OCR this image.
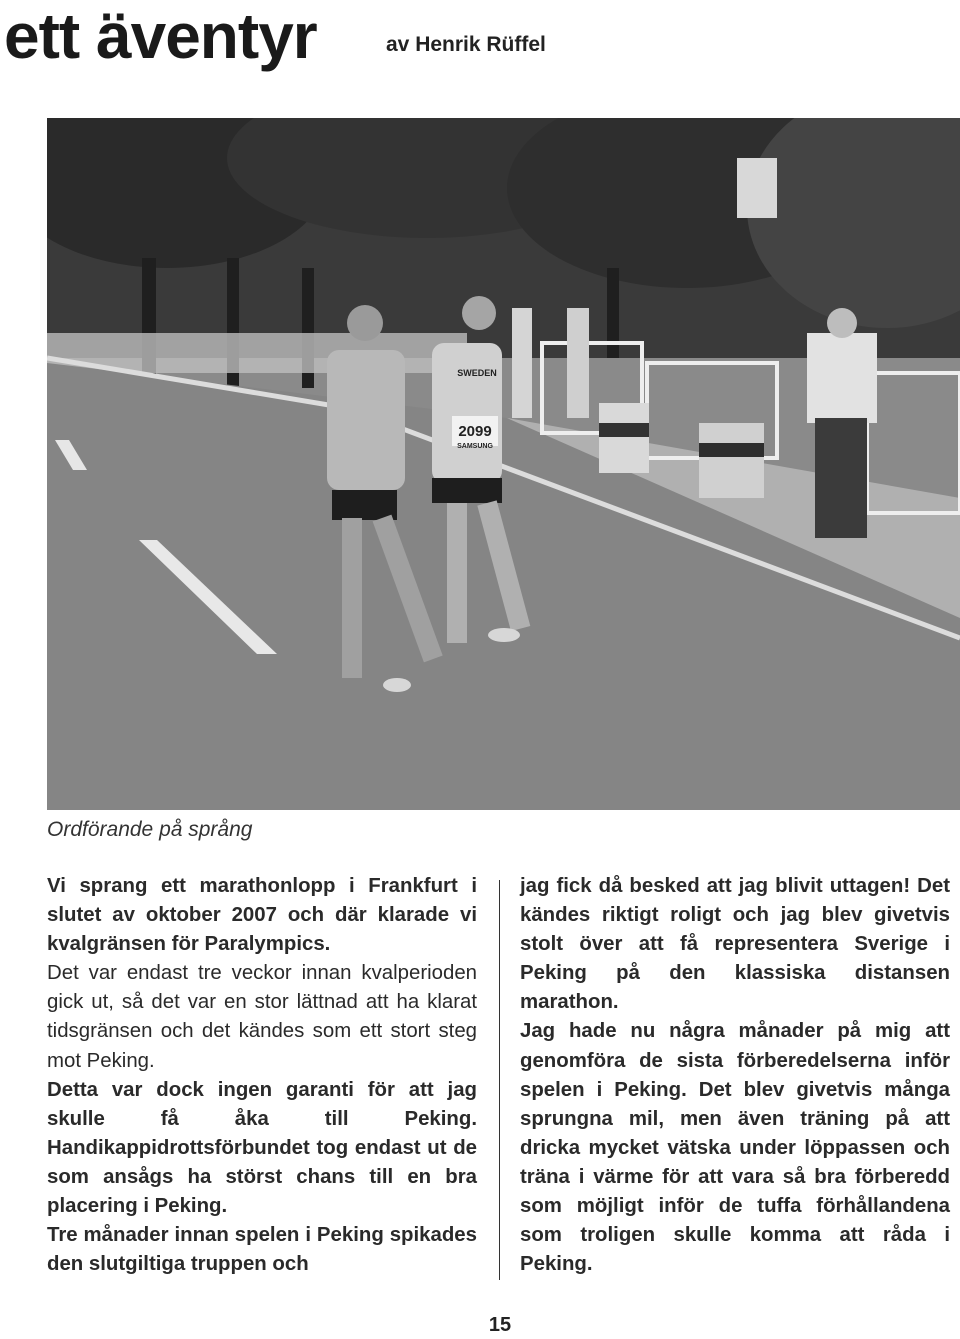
ett äventyr	av Henrik Rüffel
2099
SWEDEN
SAMSUNG
Ordförande på språng

Vi sprang ett marathonlopp i Frankfurt i slutet av oktober 2007 och där klarade vi kvalgränsen för Paralympics.

Det var endast tre veckor innan kvalperioden gick ut, så det var en stor lättnad att ha klarat tidsgränsen och det kändes som ett stort steg mot Peking.

Detta var dock ingen garanti för att jag skulle få åka till Peking. Handikappidrottsförbundet tog endast ut de som ansågs ha störst chans till en bra placering i Peking.

Tre månader innan spelen i Peking spikades den slutgiltiga truppen och

jag fick då besked att jag blivit uttagen! Det kändes riktigt roligt och jag blev givetvis stolt över att få representera Sverige i Peking på den klassiska distansen marathon.

Jag hade nu några månader på mig att genomföra de sista förberedelserna inför spelen i Peking. Det blev givetvis många sprungna mil, men även träning på att dricka mycket vätska under löppassen och träna i värme för att vara så bra förberedd som möjligt inför de tuffa förhållandena som troligen skulle komma att råda i Peking.

15
